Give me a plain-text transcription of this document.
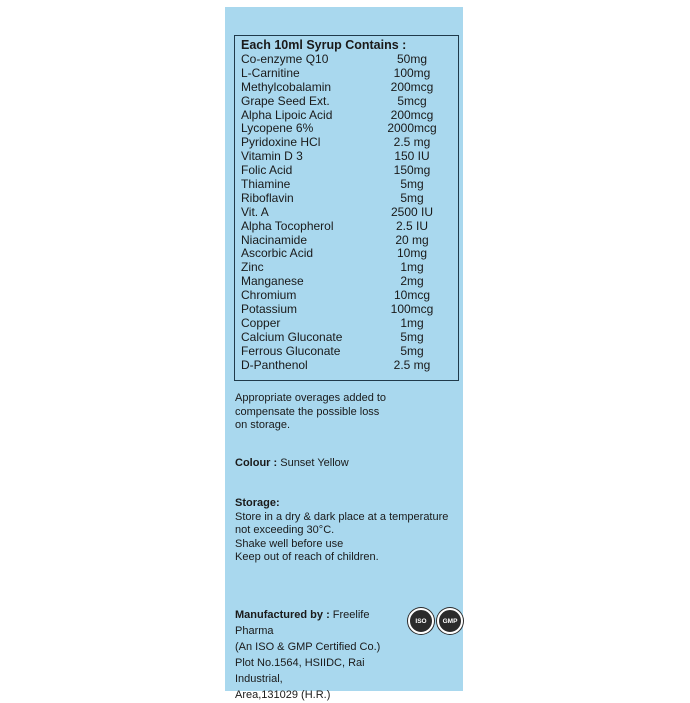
Each 10ml Syrup Contains :
Co-enzyme Q10	50mg
L-Carnitine	100mg
Methylcobalamin	200mcg
Grape Seed Ext.	5mcg
Alpha Lipoic Acid	200mcg
Lycopene 6%	2000mcg
Pyridoxine HCl	2.5 mg
Vitamin D 3	150 IU
Folic Acid	150mg
Thiamine	5mg
Riboflavin	5mg
Vit. A	2500 IU
Alpha Tocopherol	2.5 IU
Niacinamide	20 mg
Ascorbic Acid	10mg
Zinc	1mg
Manganese	2mg
Chromium	10mcg
Potassium	100mcg
Copper	1mg
Calcium Gluconate	5mg
Ferrous Gluconate	5mg
D-Panthenol	2.5 mg
Appropriate overages added to
compensate the possible loss
on storage.
Colour : Sunset Yellow
Storage:
Store in a dry & dark place at a temperature
not exceeding 30°C.
Shake well before use
Keep out of reach of children.
Manufactured by : Freelife Pharma
(An ISO & GMP Certified Co.)
Plot No.1564, HSIIDC, Rai Industrial,
Area,131029 (H.R.)
ISO	GMP
